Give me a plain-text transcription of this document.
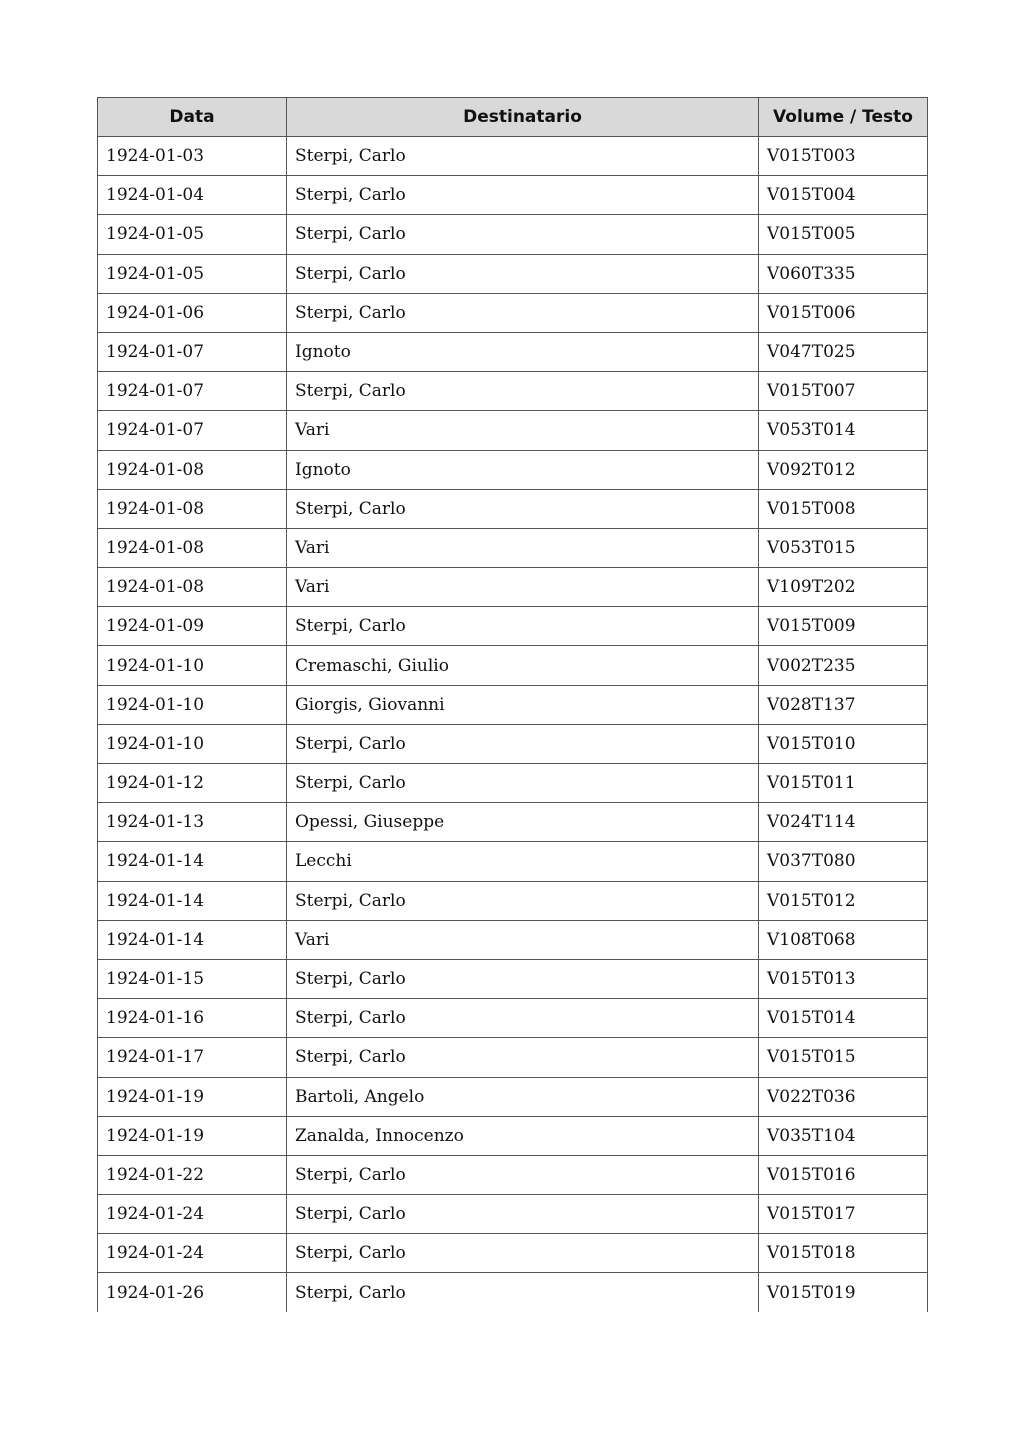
Data	Destinatario	Volume / Testo
1924-01-03	Sterpi, Carlo	V015T003
1924-01-04	Sterpi, Carlo	V015T004
1924-01-05	Sterpi, Carlo	V015T005
1924-01-05	Sterpi, Carlo	V060T335
1924-01-06	Sterpi, Carlo	V015T006
1924-01-07	Ignoto	V047T025
1924-01-07	Sterpi, Carlo	V015T007
1924-01-07	Vari	V053T014
1924-01-08	Ignoto	V092T012
1924-01-08	Sterpi, Carlo	V015T008
1924-01-08	Vari	V053T015
1924-01-08	Vari	V109T202
1924-01-09	Sterpi, Carlo	V015T009
1924-01-10	Cremaschi, Giulio	V002T235
1924-01-10	Giorgis, Giovanni	V028T137
1924-01-10	Sterpi, Carlo	V015T010
1924-01-12	Sterpi, Carlo	V015T011
1924-01-13	Opessi, Giuseppe	V024T114
1924-01-14	Lecchi	V037T080
1924-01-14	Sterpi, Carlo	V015T012
1924-01-14	Vari	V108T068
1924-01-15	Sterpi, Carlo	V015T013
1924-01-16	Sterpi, Carlo	V015T014
1924-01-17	Sterpi, Carlo	V015T015
1924-01-19	Bartoli, Angelo	V022T036
1924-01-19	Zanalda, Innocenzo	V035T104
1924-01-22	Sterpi, Carlo	V015T016
1924-01-24	Sterpi, Carlo	V015T017
1924-01-24	Sterpi, Carlo	V015T018
1924-01-26	Sterpi, Carlo	V015T019
